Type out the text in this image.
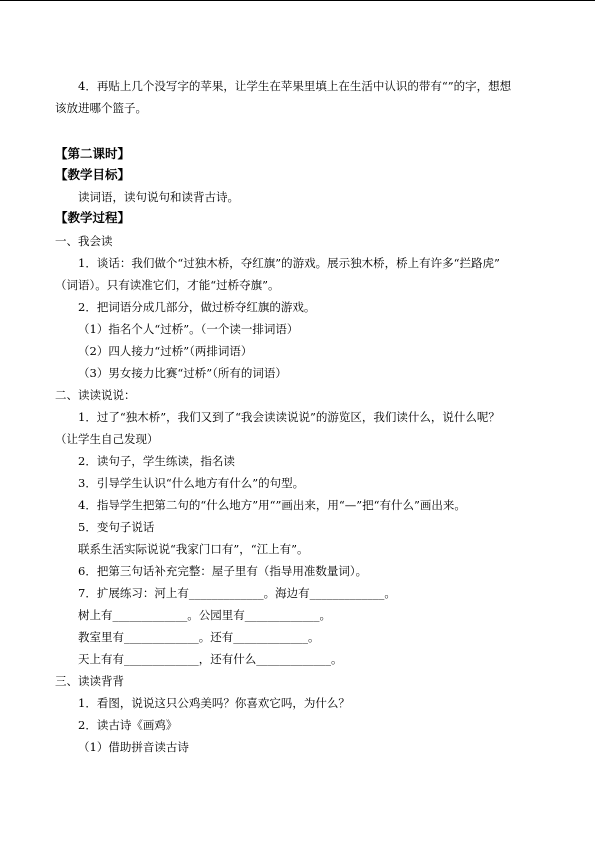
4．再贴上几个没写字的苹果，让学生在苹果里填上在生活中认识的带有“”的字，想想
该放进哪个篮子。
【第二课时】
【教学目标】
读词语，读句说句和读背古诗。
【教学过程】
一、我会读
1．谈话：我们做个“过独木桥，夺红旗”的游戏。展示独木桥，桥上有许多“拦路虎”
（词语）。只有读准它们，才能“过桥夺旗”。
2．把词语分成几部分，做过桥夺红旗的游戏。
（1）指名个人“过桥”。（一个读一排词语）
（2）四人接力“过桥”（两排词语）
（3）男女接力比赛“过桥”（所有的词语）
二、读读说说：
1．过了“独木桥”，我们又到了“我会读读说说”的游览区，我们读什么，说什么呢？
（让学生自己发现）
2．读句子，学生练读，指名读
3．引导学生认识“什么地方有什么”的句型。
4．指导学生把第二句的“什么地方”用“”画出来，用“—”把“有什么”画出来。
5．变句子说话
联系生活实际说说“我家门口有”，“江上有”。
6．把第三句话补充完整：屋子里有（指导用准数量词）。
7．扩展练习：河上有_____________。海边有_____________。
树上有_____________。公园里有_____________。
教室里有_____________。还有_____________。
天上有有_____________，还有什么_____________。
三、读读背背
1．看图，说说这只公鸡美吗？你喜欢它吗，为什么？
2．读古诗《画鸡》
（1）借助拼音读古诗
